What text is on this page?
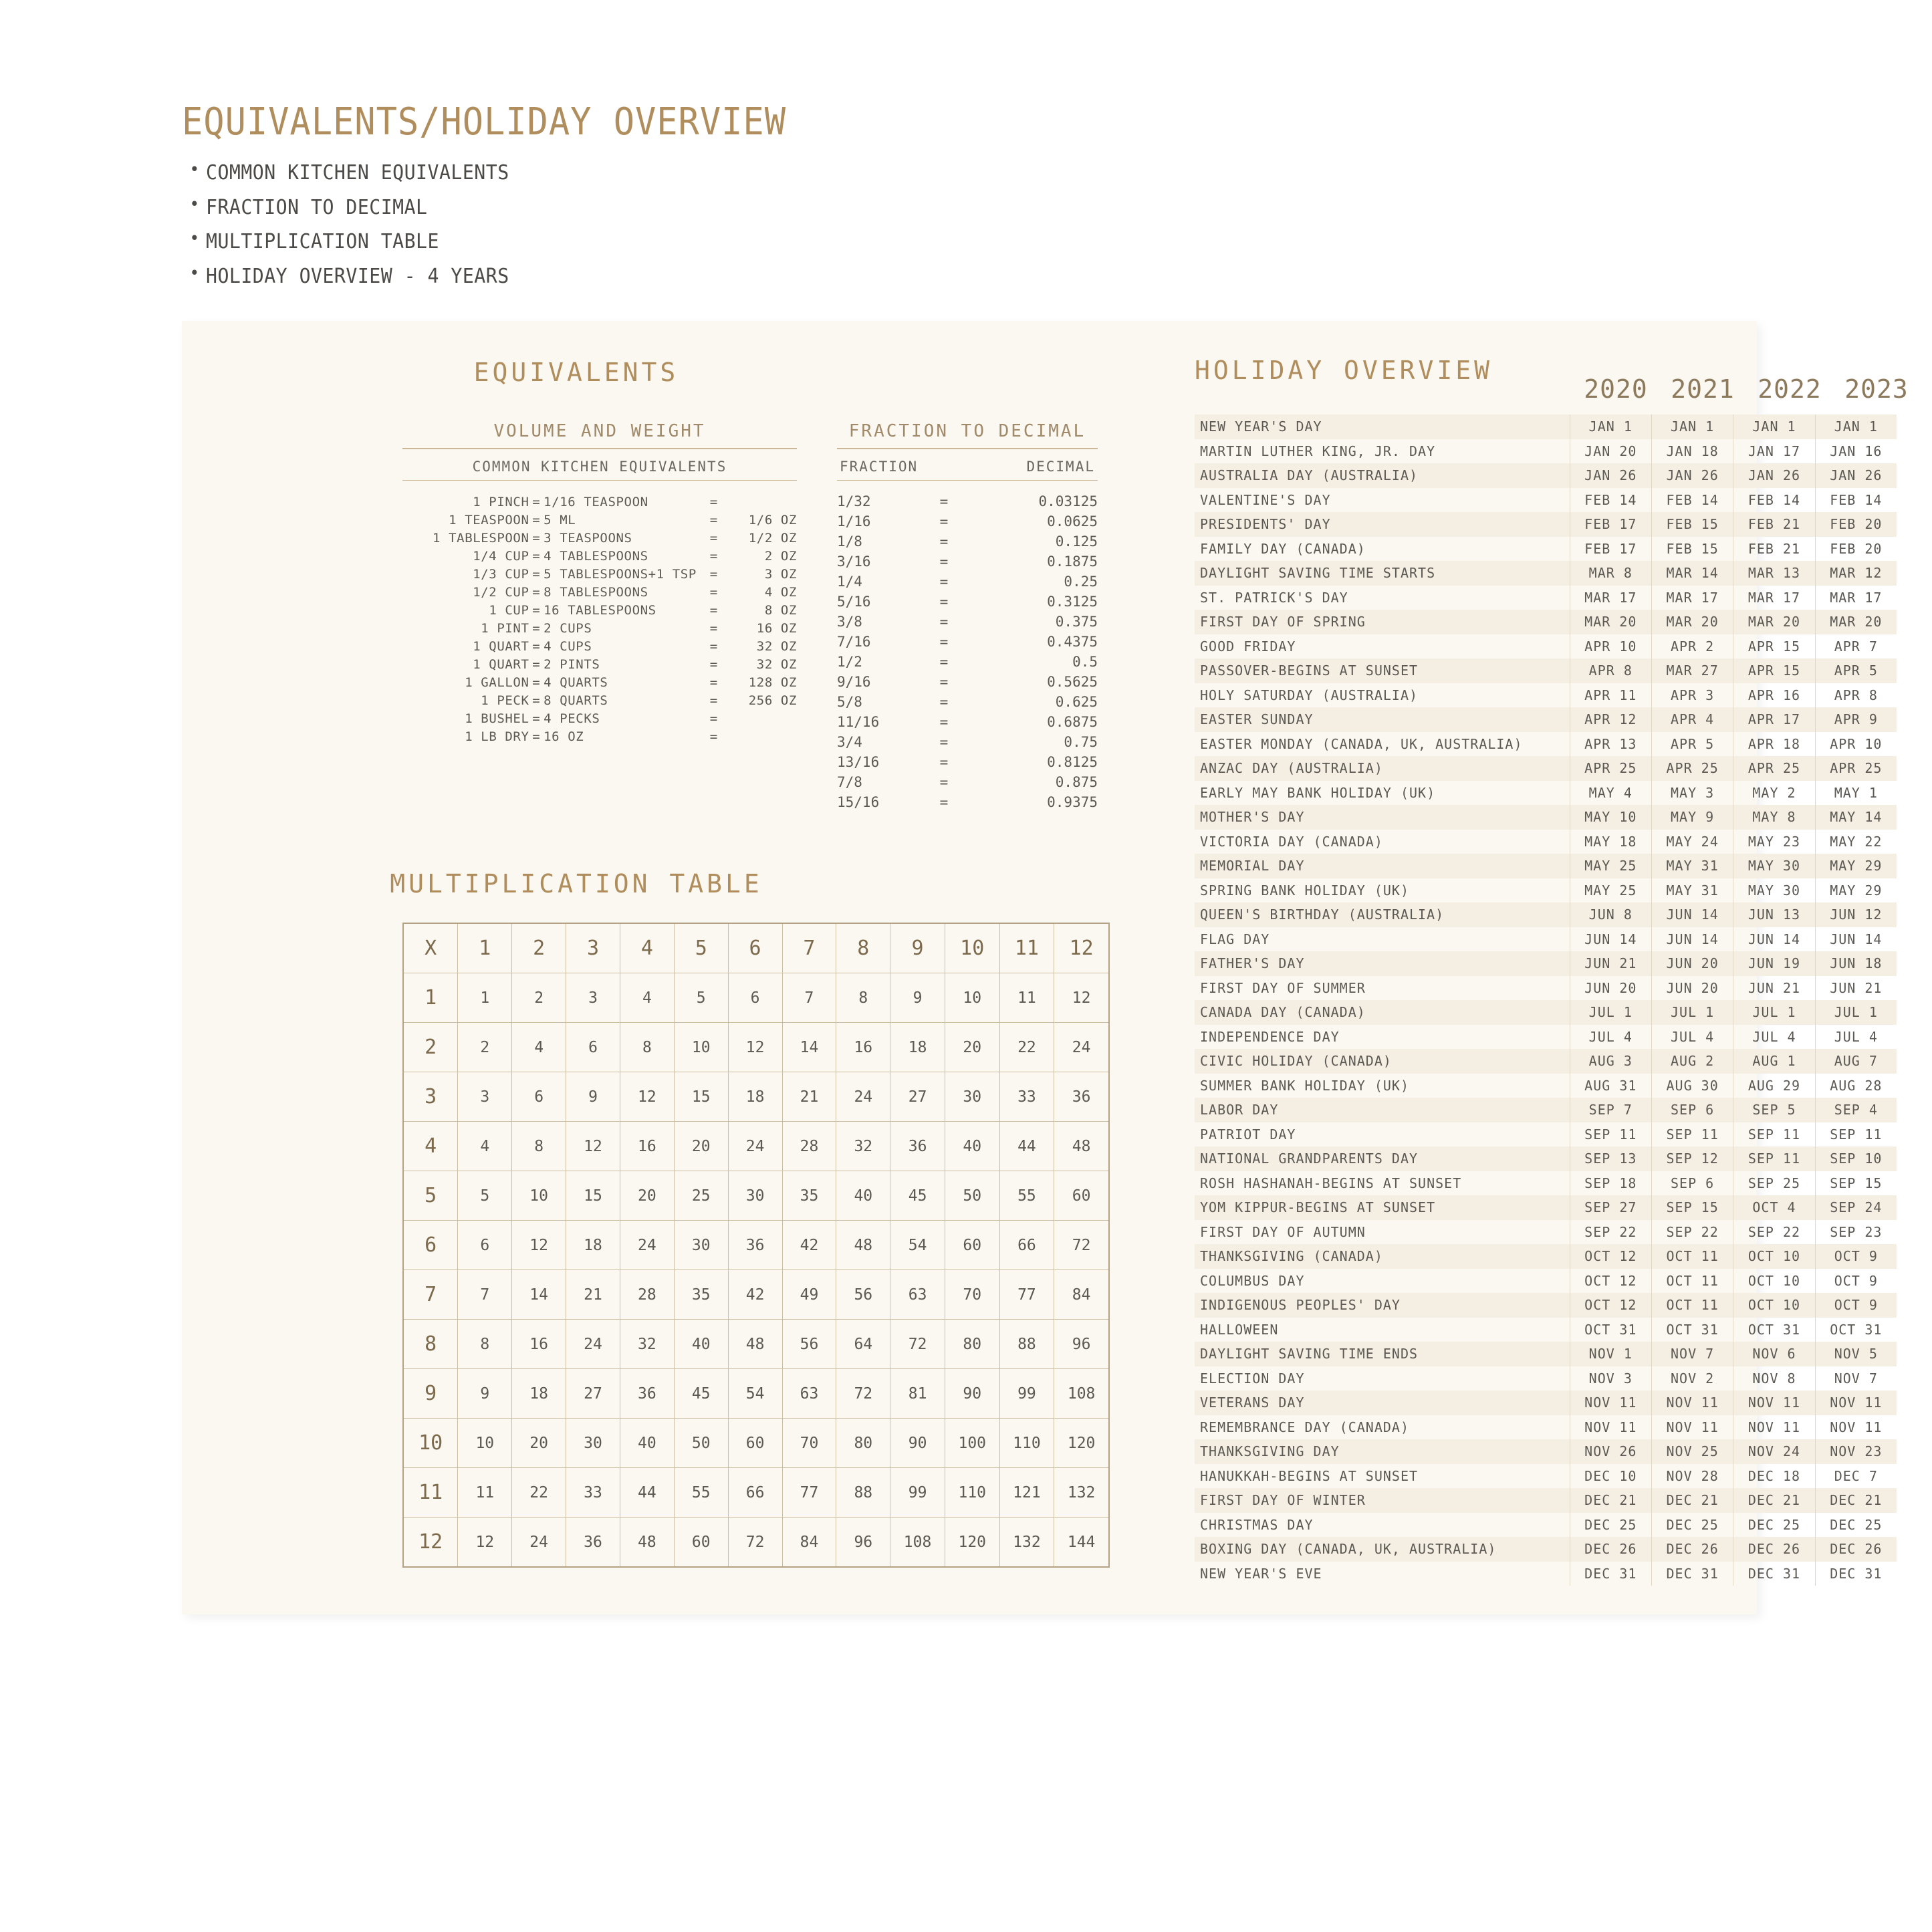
EQUIVALENTS/HOLIDAY OVERVIEW
• COMMON KITCHEN EQUIVALENTS
• FRACTION TO DECIMAL
• MULTIPLICATION TABLE
• HOLIDAY OVERVIEW - 4 YEARS
EQUIVALENTS
VOLUME AND WEIGHT
COMMON KITCHEN EQUIVALENTS
1 PINCH	=	1/16 TEASPOON	=	
1 TEASPOON	=	5 ML	=	1/6 OZ
1 TABLESPOON	=	3 TEASPOONS	=	1/2 OZ
1/4 CUP	=	4 TABLESPOONS	=	2 OZ
1/3 CUP	=	5 TABLESPOONS+1 TSP	=	3 OZ
1/2 CUP	=	8 TABLESPOONS	=	4 OZ
1 CUP	=	16 TABLESPOONS	=	8 OZ
1 PINT	=	2 CUPS	=	16 OZ
1 QUART	=	4 CUPS	=	32 OZ
1 QUART	=	2 PINTS	=	32 OZ
1 GALLON	=	4 QUARTS	=	128 OZ
1 PECK	=	8 QUARTS	=	256 OZ
1 BUSHEL	=	4 PECKS	=	
1 LB DRY	=	16 OZ	=	
FRACTION TO DECIMAL
FRACTION	DECIMAL
1/32	=	0.03125
1/16	=	0.0625
1/8	=	0.125
3/16	=	0.1875
1/4	=	0.25
5/16	=	0.3125
3/8	=	0.375
7/16	=	0.4375
1/2	=	0.5
9/16	=	0.5625
5/8	=	0.625
11/16	=	0.6875
3/4	=	0.75
13/16	=	0.8125
7/8	=	0.875
15/16	=	0.9375
MULTIPLICATION TABLE
X	1	2	3	4	5	6	7	8	9	10	11	12
1	1	2	3	4	5	6	7	8	9	10	11	12
2	2	4	6	8	10	12	14	16	18	20	22	24
3	3	6	9	12	15	18	21	24	27	30	33	36
4	4	8	12	16	20	24	28	32	36	40	44	48
5	5	10	15	20	25	30	35	40	45	50	55	60
6	6	12	18	24	30	36	42	48	54	60	66	72
7	7	14	21	28	35	42	49	56	63	70	77	84
8	8	16	24	32	40	48	56	64	72	80	88	96
9	9	18	27	36	45	54	63	72	81	90	99	108
10	10	20	30	40	50	60	70	80	90	100	110	120
11	11	22	33	44	55	66	77	88	99	110	121	132
12	12	24	36	48	60	72	84	96	108	120	132	144
HOLIDAY OVERVIEW
2020 2021 2022 2023
NEW YEAR'S DAY	JAN 1	JAN 1	JAN 1	JAN 1
MARTIN LUTHER KING, JR. DAY	JAN 20	JAN 18	JAN 17	JAN 16
AUSTRALIA DAY (AUSTRALIA)	JAN 26	JAN 26	JAN 26	JAN 26
VALENTINE'S DAY	FEB 14	FEB 14	FEB 14	FEB 14
PRESIDENTS' DAY	FEB 17	FEB 15	FEB 21	FEB 20
FAMILY DAY (CANADA)	FEB 17	FEB 15	FEB 21	FEB 20
DAYLIGHT SAVING TIME STARTS	MAR 8	MAR 14	MAR 13	MAR 12
ST. PATRICK'S DAY	MAR 17	MAR 17	MAR 17	MAR 17
FIRST DAY OF SPRING	MAR 20	MAR 20	MAR 20	MAR 20
GOOD FRIDAY	APR 10	APR 2	APR 15	APR 7
PASSOVER-BEGINS AT SUNSET	APR 8	MAR 27	APR 15	APR 5
HOLY SATURDAY (AUSTRALIA)	APR 11	APR 3	APR 16	APR 8
EASTER SUNDAY	APR 12	APR 4	APR 17	APR 9
EASTER MONDAY (CANADA, UK, AUSTRALIA)	APR 13	APR 5	APR 18	APR 10
ANZAC DAY (AUSTRALIA)	APR 25	APR 25	APR 25	APR 25
EARLY MAY BANK HOLIDAY (UK)	MAY 4	MAY 3	MAY 2	MAY 1
MOTHER'S DAY	MAY 10	MAY 9	MAY 8	MAY 14
VICTORIA DAY (CANADA)	MAY 18	MAY 24	MAY 23	MAY 22
MEMORIAL DAY	MAY 25	MAY 31	MAY 30	MAY 29
SPRING BANK HOLIDAY (UK)	MAY 25	MAY 31	MAY 30	MAY 29
QUEEN'S BIRTHDAY (AUSTRALIA)	JUN 8	JUN 14	JUN 13	JUN 12
FLAG DAY	JUN 14	JUN 14	JUN 14	JUN 14
FATHER'S DAY	JUN 21	JUN 20	JUN 19	JUN 18
FIRST DAY OF SUMMER	JUN 20	JUN 20	JUN 21	JUN 21
CANADA DAY (CANADA)	JUL 1	JUL 1	JUL 1	JUL 1
INDEPENDENCE DAY	JUL 4	JUL 4	JUL 4	JUL 4
CIVIC HOLIDAY (CANADA)	AUG 3	AUG 2	AUG 1	AUG 7
SUMMER BANK HOLIDAY (UK)	AUG 31	AUG 30	AUG 29	AUG 28
LABOR DAY	SEP 7	SEP 6	SEP 5	SEP 4
PATRIOT DAY	SEP 11	SEP 11	SEP 11	SEP 11
NATIONAL GRANDPARENTS DAY	SEP 13	SEP 12	SEP 11	SEP 10
ROSH HASHANAH-BEGINS AT SUNSET	SEP 18	SEP 6	SEP 25	SEP 15
YOM KIPPUR-BEGINS AT SUNSET	SEP 27	SEP 15	OCT 4	SEP 24
FIRST DAY OF AUTUMN	SEP 22	SEP 22	SEP 22	SEP 23
THANKSGIVING (CANADA)	OCT 12	OCT 11	OCT 10	OCT 9
COLUMBUS DAY	OCT 12	OCT 11	OCT 10	OCT 9
INDIGENOUS PEOPLES' DAY	OCT 12	OCT 11	OCT 10	OCT 9
HALLOWEEN	OCT 31	OCT 31	OCT 31	OCT 31
DAYLIGHT SAVING TIME ENDS	NOV 1	NOV 7	NOV 6	NOV 5
ELECTION DAY	NOV 3	NOV 2	NOV 8	NOV 7
VETERANS DAY	NOV 11	NOV 11	NOV 11	NOV 11
REMEMBRANCE DAY (CANADA)	NOV 11	NOV 11	NOV 11	NOV 11
THANKSGIVING DAY	NOV 26	NOV 25	NOV 24	NOV 23
HANUKKAH-BEGINS AT SUNSET	DEC 10	NOV 28	DEC 18	DEC 7
FIRST DAY OF WINTER	DEC 21	DEC 21	DEC 21	DEC 21
CHRISTMAS DAY	DEC 25	DEC 25	DEC 25	DEC 25
BOXING DAY (CANADA, UK, AUSTRALIA)	DEC 26	DEC 26	DEC 26	DEC 26
NEW YEAR'S EVE	DEC 31	DEC 31	DEC 31	DEC 31
